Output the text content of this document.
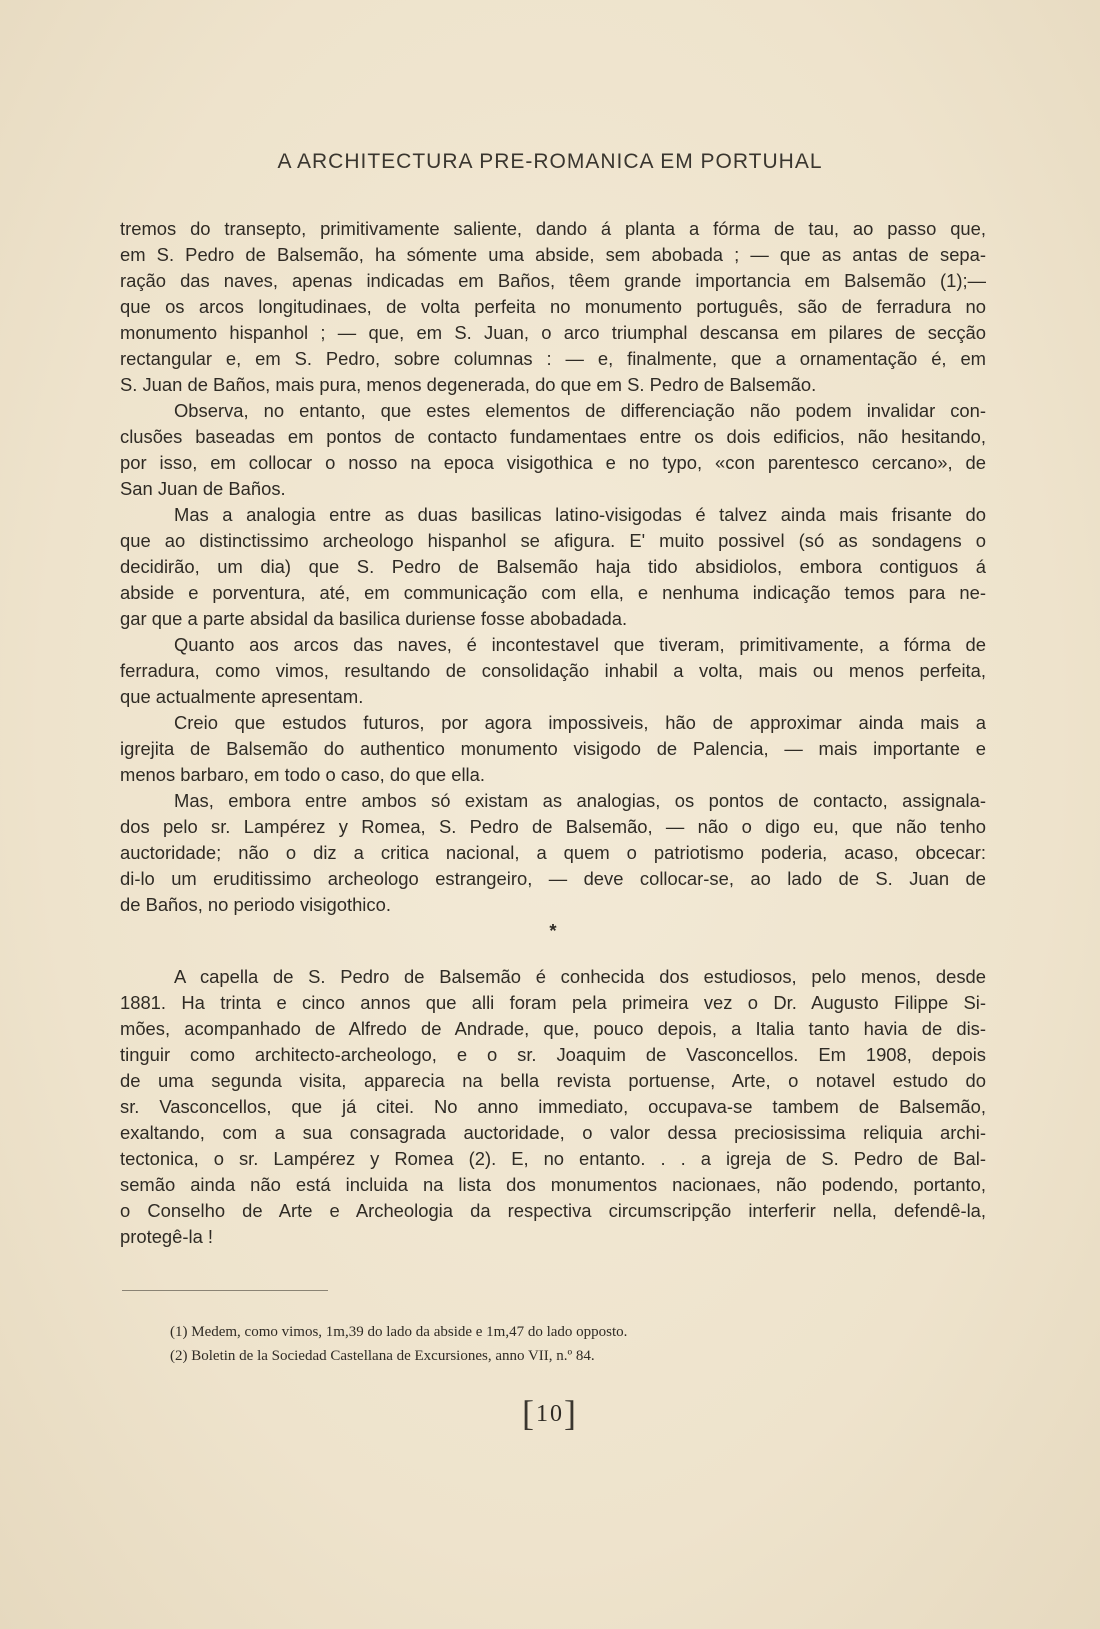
A ARCHITECTURA PRE-ROMANICA EM PORTUHAL
tremos do transepto, primitivamente saliente, dando á planta a fórma de tau, ao passo que,
em S. Pedro de Balsemão, ha sómente uma abside, sem abobada ; — que as antas de sepa-
ração das naves, apenas indicadas em Baños, têem grande importancia em Balsemão (1);—
que os arcos longitudinaes, de volta perfeita no monumento português, são de ferradura no
monumento hispanhol ; — que, em S. Juan, o arco triumphal descansa em pilares de secção
rectangular e, em S. Pedro, sobre columnas : — e, finalmente, que a ornamentação é, em
S. Juan de Baños, mais pura, menos degenerada, do que em S. Pedro de Balsemão.
Observa, no entanto, que estes elementos de differenciação não podem invalidar con-
clusões baseadas em pontos de contacto fundamentaes entre os dois edificios, não hesitando,
por isso, em collocar o nosso na epoca visigothica e no typo, «con parentesco cercano», de
San Juan de Baños.
Mas a analogia entre as duas basilicas latino-visigodas é talvez ainda mais frisante do
que ao distinctissimo archeologo hispanhol se afigura. E' muito possivel (só as sondagens o
decidirão, um dia) que S. Pedro de Balsemão haja tido absidiolos, embora contiguos á
abside e porventura, até, em communicação com ella, e nenhuma indicação temos para ne-
gar que a parte absidal da basilica duriense fosse abobadada.
Quanto aos arcos das naves, é incontestavel que tiveram, primitivamente, a fórma de
ferradura, como vimos, resultando de consolidação inhabil a volta, mais ou menos perfeita,
que actualmente apresentam.
Creio que estudos futuros, por agora impossiveis, hão de approximar ainda mais a
igrejita de Balsemão do authentico monumento visigodo de Palencia, — mais importante e
menos barbaro, em todo o caso, do que ella.
Mas, embora entre ambos só existam as analogias, os pontos de contacto, assignala-
dos pelo sr. Lampérez y Romea, S. Pedro de Balsemão, — não o digo eu, que não tenho
auctoridade; não o diz a critica nacional, a quem o patriotismo poderia, acaso, obcecar:
di-lo um eruditissimo archeologo estrangeiro, — deve collocar-se, ao lado de S. Juan de
de Baños, no periodo visigothico.
*
A capella de S. Pedro de Balsemão é conhecida dos estudiosos, pelo menos, desde
1881. Ha trinta e cinco annos que alli foram pela primeira vez o Dr. Augusto Filippe Si-
mões, acompanhado de Alfredo de Andrade, que, pouco depois, a Italia tanto havia de dis-
tinguir como architecto-archeologo, e o sr. Joaquim de Vasconcellos. Em 1908, depois
de uma segunda visita, apparecia na bella revista portuense, Arte, o notavel estudo do
sr. Vasconcellos, que já citei. No anno immediato, occupava-se tambem de Balsemão,
exaltando, com a sua consagrada auctoridade, o valor dessa preciosissima reliquia archi-
tectonica, o sr. Lampérez y Romea (2). E, no entanto. . . a igreja de S. Pedro de Bal-
semão ainda não está incluida na lista dos monumentos nacionaes, não podendo, portanto,
o Conselho de Arte e Archeologia da respectiva circumscripção interferir nella, defendê-la,
protegê-la !
(1) Medem, como vimos, 1m,39 do lado da abside e 1m,47 do lado opposto.
(2) Boletin de la Sociedad Castellana de Excursiones, anno VII, n.º 84.
[10]
